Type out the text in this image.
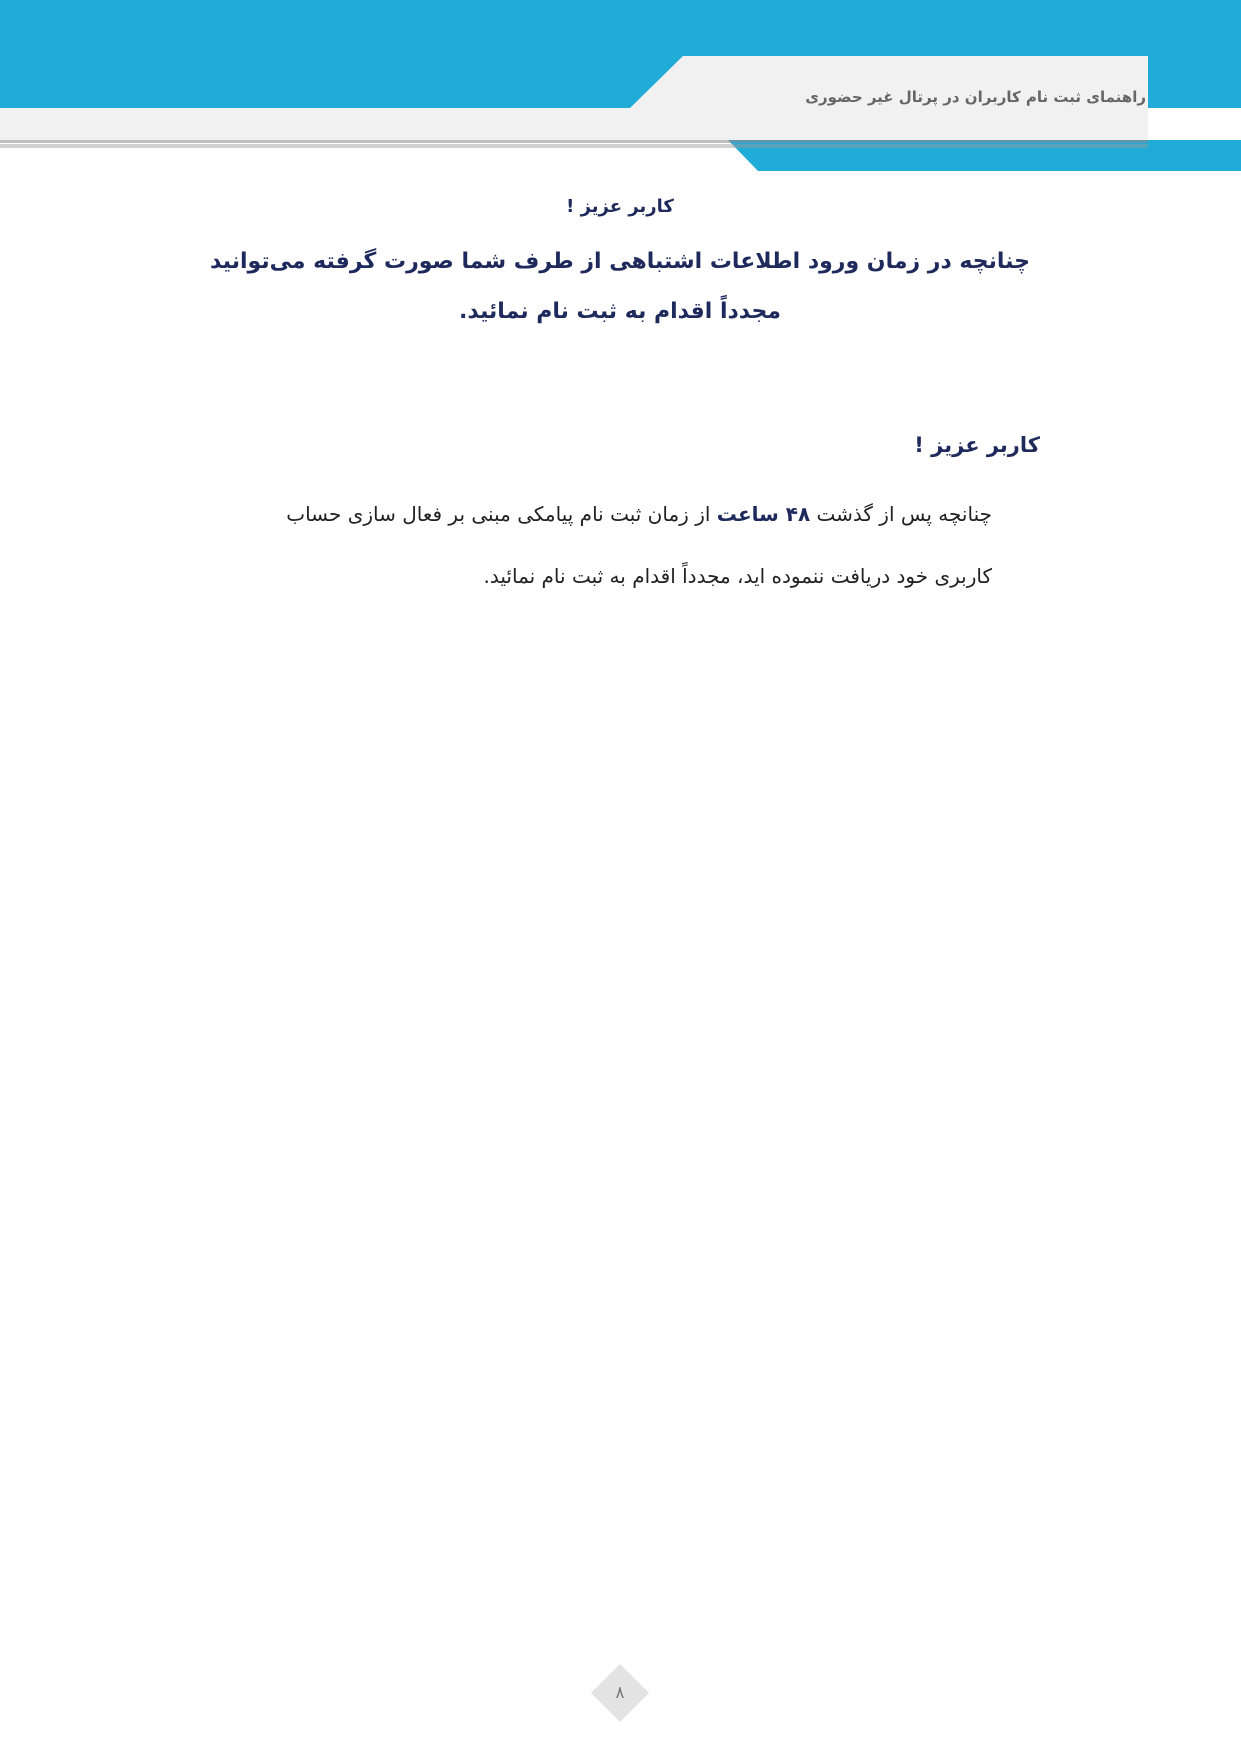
راهنمای ثبت نام کاربران در پرتال غیر حضوری

کاربر عزیز !

چنانچه در زمان ورود اطلاعات اشتباهی از طرف شما صورت گرفته می‌توانید مجدداً اقدام به ثبت نام نمائید.

کاربر عزیز !

چنانچه پس از گذشت ۴۸ ساعت از زمان ثبت نام پیامکی مبنی بر فعال سازی حساب کاربری خود دریافت ننموده اید، مجدداً اقدام به ثبت نام نمائید.

۸
